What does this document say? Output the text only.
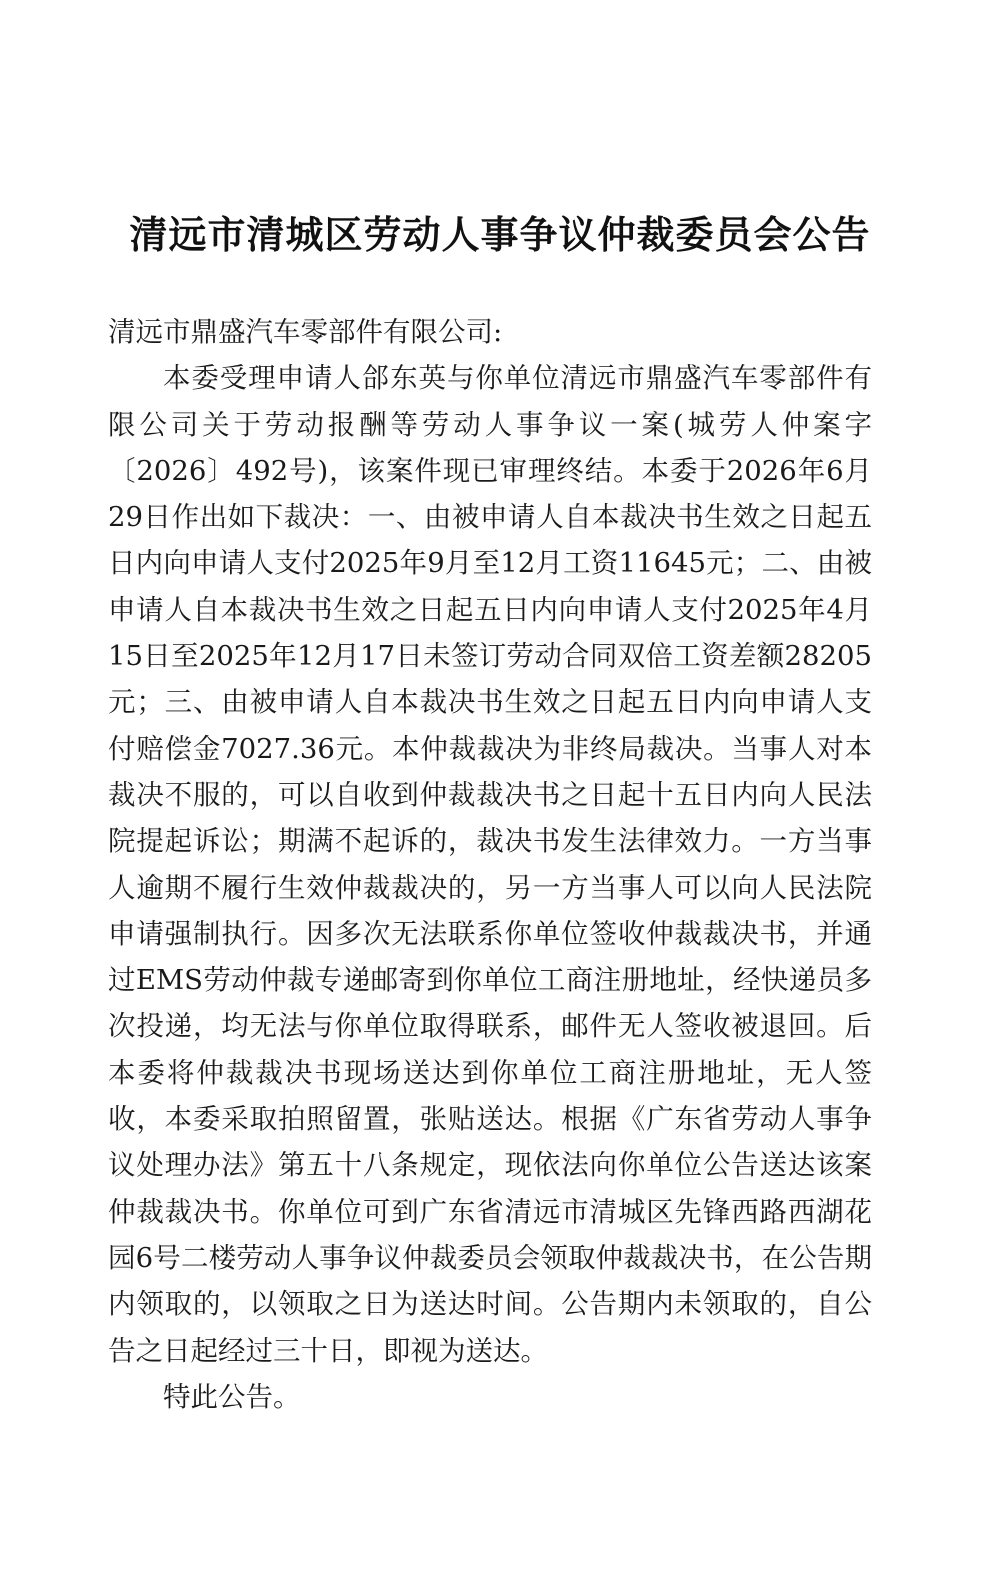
清远市清城区劳动人事争议仲裁委员会公告

清远市鼎盛汽车零部件有限公司:

本委受理申请人郃东英与你单位清远市鼎盛汽车零部件有限公司关于劳动报酬等劳动人事争议一案(城劳人仲案字〔2026〕492号)，该案件现已审理终结。本委于2026年6月29日作出如下裁决：一、由被申请人自本裁决书生效之日起五日内向申请人支付2025年9月至12月工资11645元；二、由被申请人自本裁决书生效之日起五日内向申请人支付2025年4月15日至2025年12月17日未签订劳动合同双倍工资差额28205元；三、由被申请人自本裁决书生效之日起五日内向申请人支付赔偿金7027.36元。本仲裁裁决为非终局裁决。当事人对本裁决不服的，可以自收到仲裁裁决书之日起十五日内向人民法院提起诉讼；期满不起诉的，裁决书发生法律效力。一方当事人逾期不履行生效仲裁裁决的，另一方当事人可以向人民法院申请强制执行。因多次无法联系你单位签收仲裁裁决书，并通过EMS劳动仲裁专递邮寄到你单位工商注册地址，经快递员多次投递，均无法与你单位取得联系，邮件无人签收被退回。后本委将仲裁裁决书现场送达到你单位工商注册地址，无人签收，本委采取拍照留置，张贴送达。根据《广东省劳动人事争议处理办法》第五十八条规定，现依法向你单位公告送达该案仲裁裁决书。你单位可到广东省清远市清城区先锋西路西湖花园6号二楼劳动人事争议仲裁委员会领取仲裁裁决书，在公告期内领取的，以领取之日为送达时间。公告期内未领取的，自公告之日起经过三十日，即视为送达。

特此公告。
